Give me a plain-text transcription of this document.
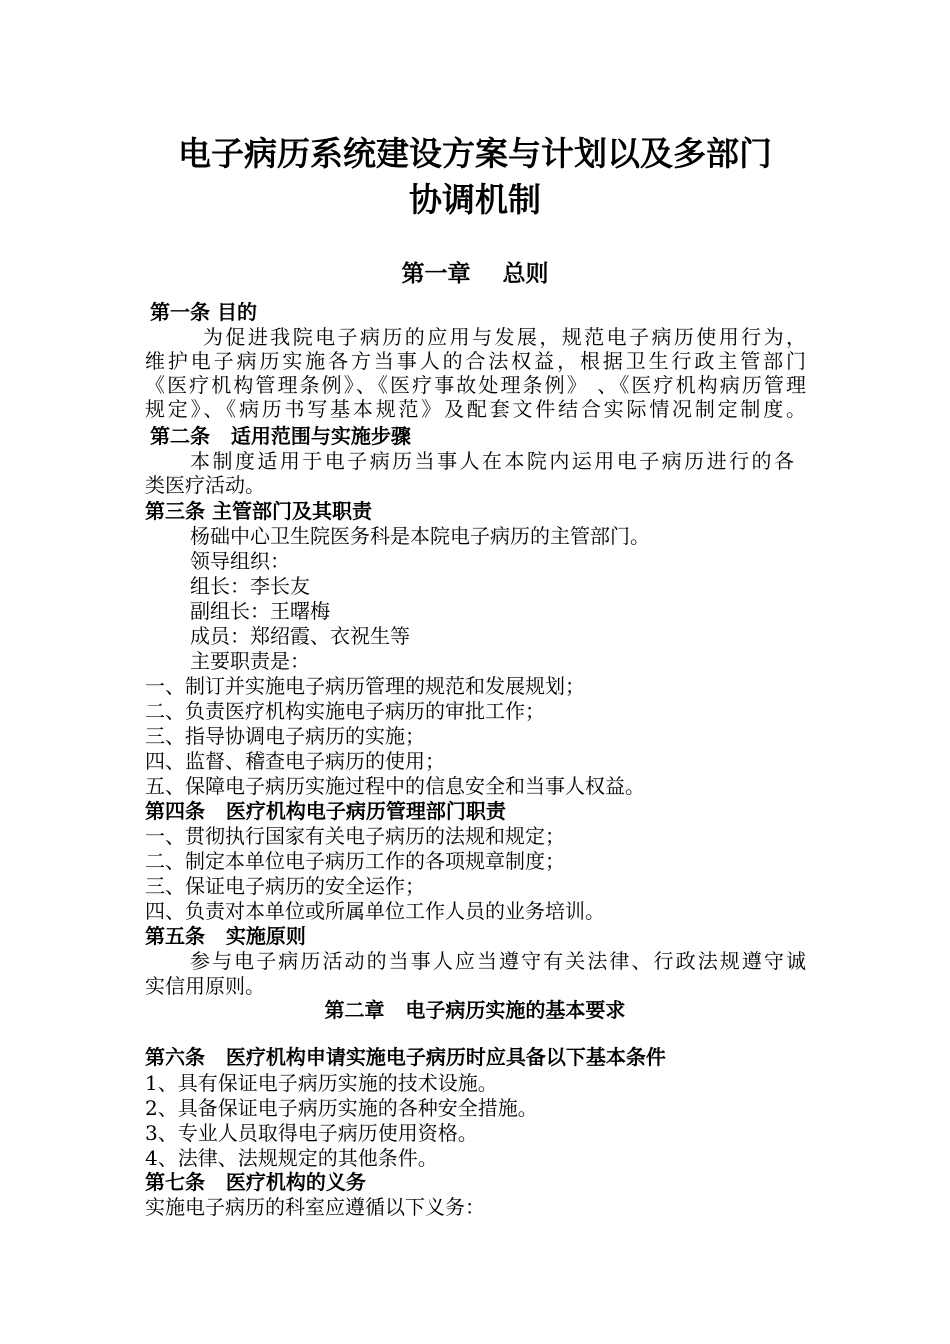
电子病历系统建设方案与计划以及多部门
协调机制
第一章    总则
第一条 目的
为促进我院电子病历的应用与发展，规范电子病历使用行为，
维护电子病历实施各方当事人的合法权益，根据卫生行政主管部门
《医疗机构管理条例》、《医疗事故处理条例》 、《医疗机构病历管理
规定》、《病历书写基本规范》及配套文件结合实际情况制定制度。
第二条   适用范围与实施步骤
本制度适用于电子病历当事人在本院内运用电子病历进行的各
类医疗活动。
第三条 主管部门及其职责
杨础中心卫生院医务科是本院电子病历的主管部门。
领导组织：
组长：李长友
副组长：王曙梅
成员：郑绍霞、衣祝生等
主要职责是：
一、制订并实施电子病历管理的规范和发展规划；
二、负责医疗机构实施电子病历的审批工作；
三、指导协调电子病历的实施；
四、监督、稽查电子病历的使用；
五、保障电子病历实施过程中的信息安全和当事人权益。
第四条   医疗机构电子病历管理部门职责
一、贯彻执行国家有关电子病历的法规和规定；
二、制定本单位电子病历工作的各项规章制度；
三、保证电子病历的安全运作；
四、负责对本单位或所属单位工作人员的业务培训。
第五条   实施原则
参与电子病历活动的当事人应当遵守有关法律、行政法规遵守诚
实信用原则。
第二章   电子病历实施的基本要求
第六条   医疗机构申请实施电子病历时应具备以下基本条件
1、具有保证电子病历实施的技术设施。
2、具备保证电子病历实施的各种安全措施。
3、专业人员取得电子病历使用资格。
4、法律、法规规定的其他条件。
第七条   医疗机构的义务
实施电子病历的科室应遵循以下义务：
